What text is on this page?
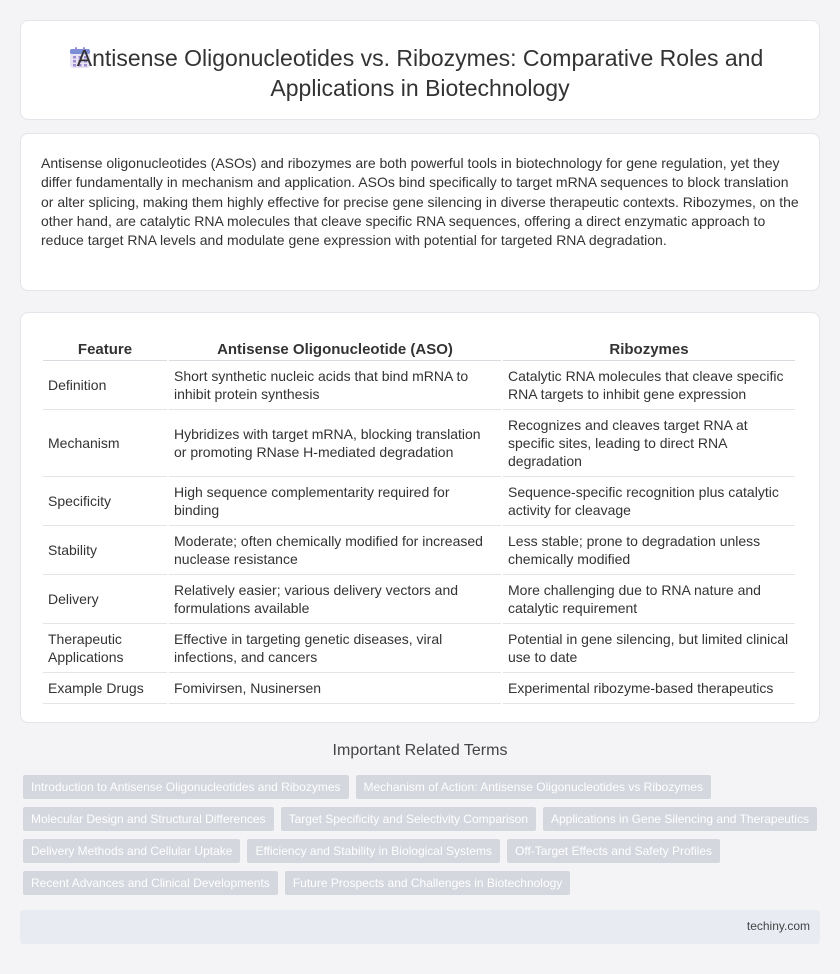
Antisense Oligonucleotides vs. Ribozymes: Comparative Roles and Applications in Biotechnology

Antisense oligonucleotides (ASOs) and ribozymes are both powerful tools in biotechnology for gene regulation, yet they differ fundamentally in mechanism and application. ASOs bind specifically to target mRNA sequences to block translation or alter splicing, making them highly effective for precise gene silencing in diverse therapeutic contexts. Ribozymes, on the other hand, are catalytic RNA molecules that cleave specific RNA sequences, offering a direct enzymatic approach to reduce target RNA levels and modulate gene expression with potential for targeted RNA degradation.

Feature	Antisense Oligonucleotide (ASO)	Ribozymes
Definition	Short synthetic nucleic acids that bind mRNA to inhibit protein synthesis	Catalytic RNA molecules that cleave specific RNA targets to inhibit gene expression
Mechanism	Hybridizes with target mRNA, blocking translation or promoting RNase H-mediated degradation	Recognizes and cleaves target RNA at specific sites, leading to direct RNA degradation
Specificity	High sequence complementarity required for binding	Sequence-specific recognition plus catalytic activity for cleavage
Stability	Moderate; often chemically modified for increased nuclease resistance	Less stable; prone to degradation unless chemically modified
Delivery	Relatively easier; various delivery vectors and formulations available	More challenging due to RNA nature and catalytic requirement
Therapeutic Applications	Effective in targeting genetic diseases, viral infections, and cancers	Potential in gene silencing, but limited clinical use to date
Example Drugs	Fomivirsen, Nusinersen	Experimental ribozyme-based therapeutics
Important Related Terms
Introduction to Antisense Oligonucleotides and Ribozymes	Mechanism of Action: Antisense Oligonucleotides vs Ribozymes
Molecular Design and Structural Differences	Target Specificity and Selectivity Comparison	Applications in Gene Silencing and Therapeutics
Delivery Methods and Cellular Uptake	Efficiency and Stability in Biological Systems	Off-Target Effects and Safety Profiles
Recent Advances and Clinical Developments	Future Prospects and Challenges in Biotechnology
techiny.com
